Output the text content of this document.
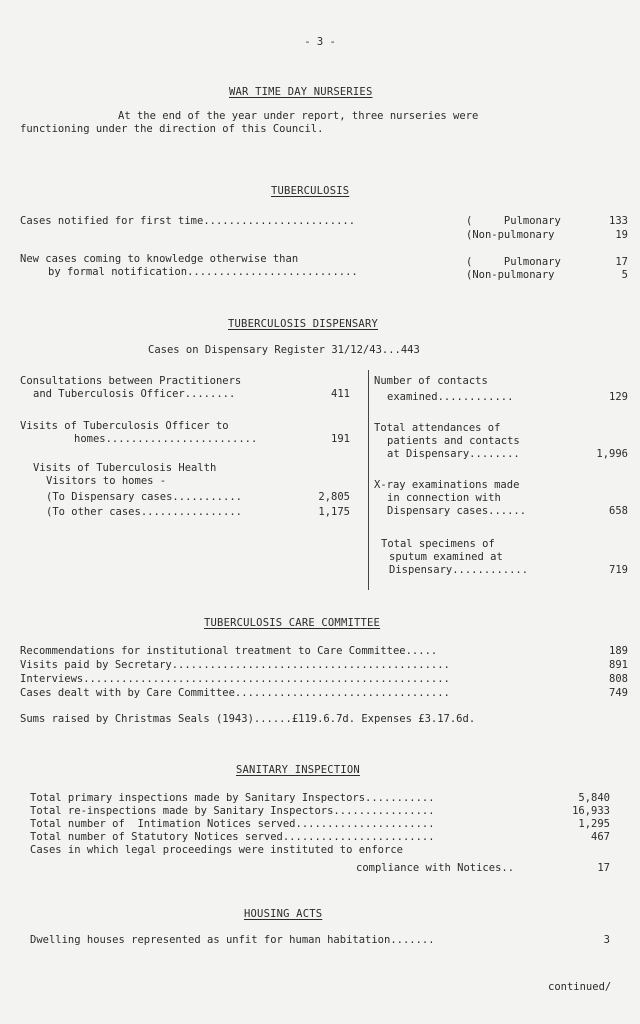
- 3 -
WAR TIME DAY NURSERIES
At the end of the year under report, three nurseries were
functioning under the direction of this Council.
TUBERCULOSIS
Cases notified for first time........................	(     Pulmonary	133
(Non-pulmonary	19
New cases coming to knowledge otherwise than
by formal notification...........................
(     Pulmonary	17
(Non-pulmonary	5
TUBERCULOSIS DISPENSARY
Cases on Dispensary Register 31/12/43...443
Consultations between Practitioners
and Tuberculosis Officer........	411
Visits of Tuberculosis Officer to
homes........................	191
Visits of Tuberculosis Health
Visitors to homes -
(To Dispensary cases...........	2,805
(To other cases................	1,175
Number of contacts
examined............	129
Total attendances of
patients and contacts
at Dispensary........	1,996
X-ray examinations made
in connection with
Dispensary cases......	658
Total specimens of
sputum examined at
Dispensary............	719
TUBERCULOSIS CARE COMMITTEE
Recommendations for institutional treatment to Care Committee.....	189
Visits paid by Secretary............................................	891
Interviews..........................................................	808
Cases dealt with by Care Committee..................................	749
Sums raised by Christmas Seals (1943)......£119.6.7d. Expenses £3.17.6d.
SANITARY INSPECTION
Total primary inspections made by Sanitary Inspectors...........	5,840
Total re-inspections made by Sanitary Inspectors................	16,933
Total number of  Intimation Notices served......................	1,295
Total number of Statutory Notices served........................	467
Cases in which legal proceedings were instituted to enforce
compliance with Notices..	17
HOUSING ACTS
Dwelling houses represented as unfit for human habitation.......	3
continued/
